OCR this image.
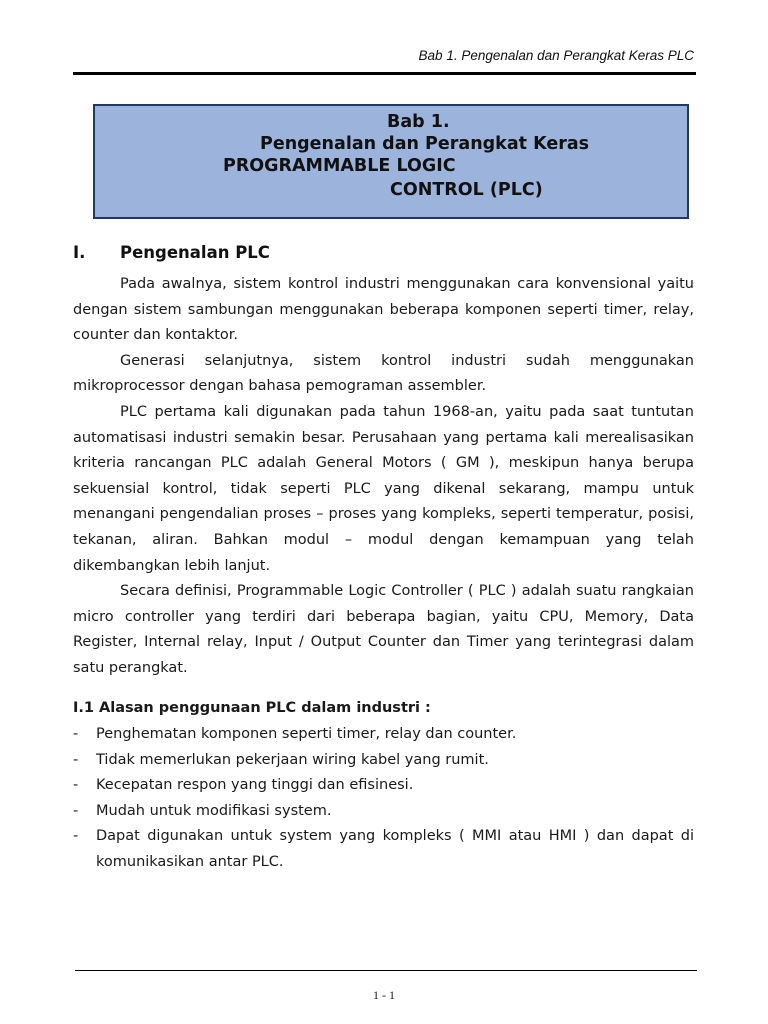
Bab 1. Pengenalan dan Perangkat Keras PLC
Bab 1.
Pengenalan dan Perangkat Keras
PROGRAMMABLE LOGIC
CONTROL (PLC)
I. Pengenalan PLC

Pada awalnya, sistem kontrol industri menggunakan cara konvensional yaitu dengan sistem sambungan menggunakan beberapa komponen seperti timer, relay, counter dan kontaktor.

Generasi selanjutnya, sistem kontrol industri sudah menggunakan mikroprocessor dengan bahasa pemograman assembler.

PLC pertama kali digunakan pada tahun 1968-an, yaitu pada saat tuntutan automatisasi industri semakin besar. Perusahaan yang pertama kali merealisasikan kriteria rancangan PLC adalah General Motors ( GM ), meskipun hanya berupa sekuensial kontrol, tidak seperti PLC yang dikenal sekarang, mampu untuk menangani pengendalian proses – proses yang kompleks, seperti temperatur, posisi, tekanan, aliran. Bahkan modul – modul dengan kemampuan yang telah dikembangkan lebih lanjut.

Secara definisi, Programmable Logic Controller ( PLC ) adalah suatu rangkaian micro controller yang terdiri dari beberapa bagian, yaitu CPU, Memory, Data Register, Internal relay, Input / Output Counter dan Timer yang terintegrasi dalam satu perangkat.

I.1 Alasan penggunaan PLC dalam industri :
- Penghematan komponen seperti timer, relay dan counter.
- Tidak memerlukan pekerjaan wiring kabel yang rumit.
- Kecepatan respon yang tinggi dan efisinesi.
- Mudah untuk modifikasi system.
- Dapat digunakan untuk system yang kompleks ( MMI atau HMI ) dan dapat di komunikasikan antar PLC.
1 - 1
